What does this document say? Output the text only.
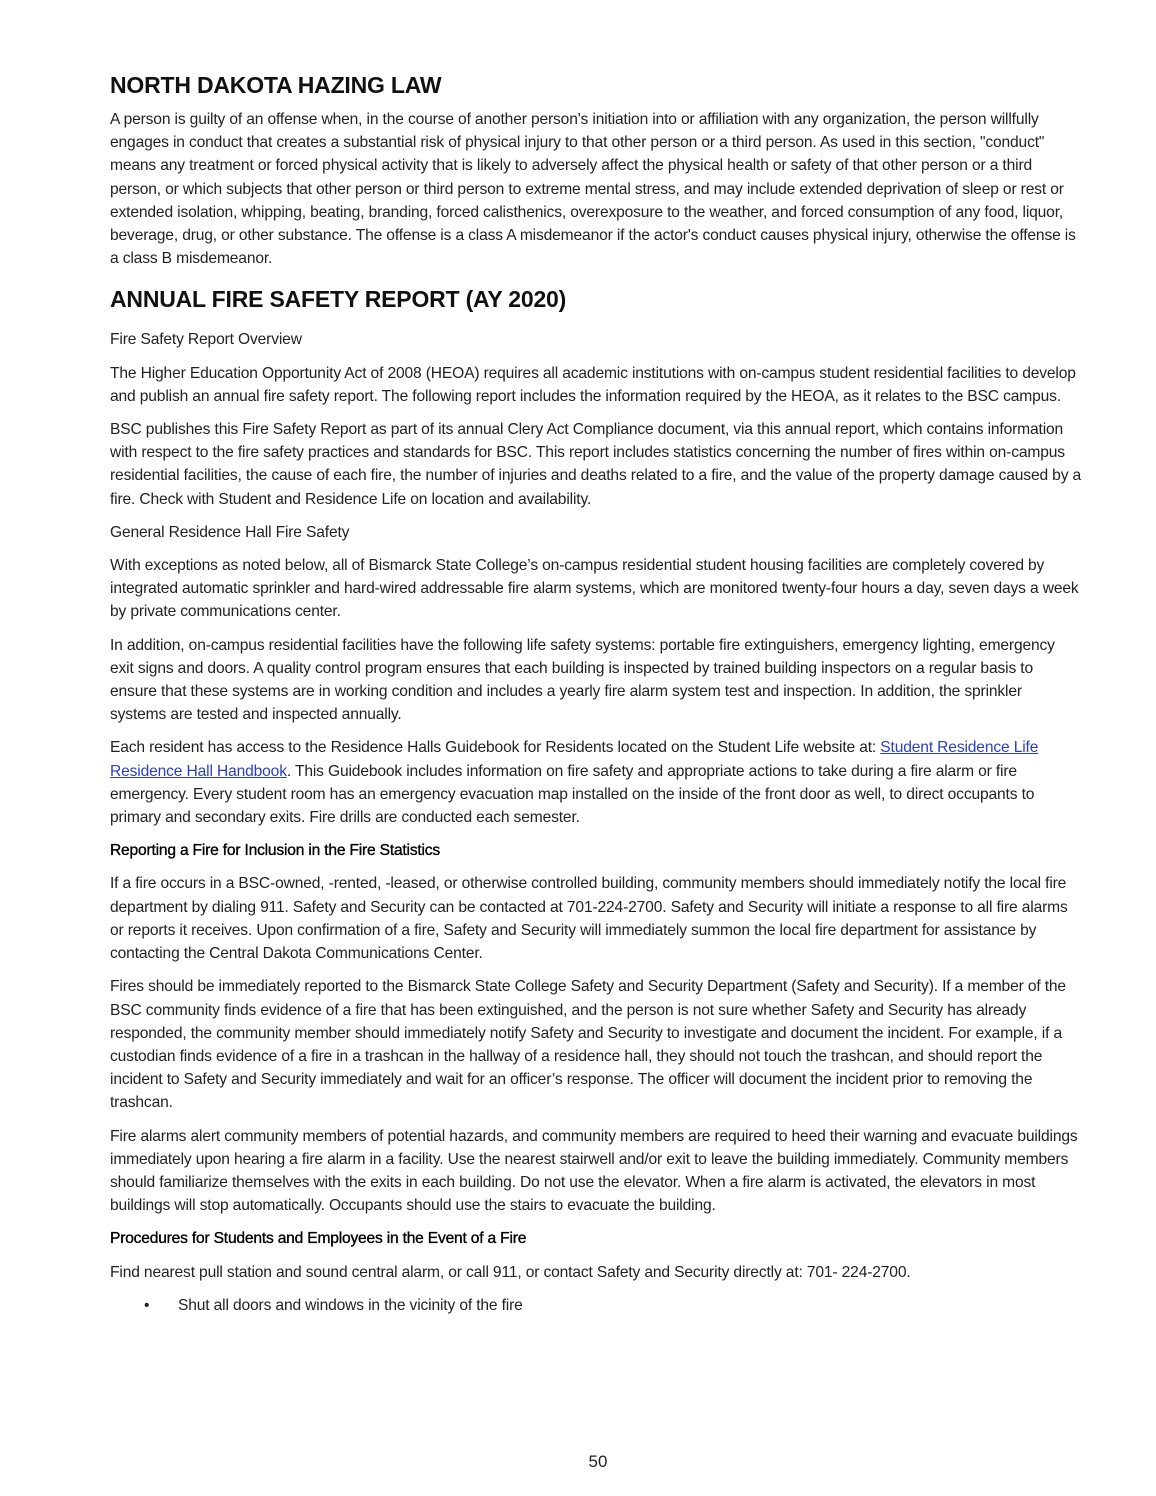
NORTH DAKOTA HAZING LAW

A person is guilty of an offense when, in the course of another person's initiation into or affiliation with any organization, the person willfully engages in conduct that creates a substantial risk of physical injury to that other person or a third person. As used in this section, "conduct" means any treatment or forced physical activity that is likely to adversely affect the physical health or safety of that other person or a third person, or which subjects that other person or third person to extreme mental stress, and may include extended deprivation of sleep or rest or extended isolation, whipping, beating, branding, forced calisthenics, overexposure to the weather, and forced consumption of any food, liquor, beverage, drug, or other substance. The offense is a class A misdemeanor if the actor's conduct causes physical injury, otherwise the offense is a class B misdemeanor.

ANNUAL FIRE SAFETY REPORT (AY 2020)

Fire Safety Report Overview

The Higher Education Opportunity Act of 2008 (HEOA) requires all academic institutions with on-campus student residential facilities to develop and publish an annual fire safety report. The following report includes the information required by the HEOA, as it relates to the BSC campus.

BSC publishes this Fire Safety Report as part of its annual Clery Act Compliance document, via this annual report, which contains information with respect to the fire safety practices and standards for BSC. This report includes statistics concerning the number of fires within on-campus residential facilities, the cause of each fire, the number of injuries and deaths related to a fire, and the value of the property damage caused by a fire. Check with Student and Residence Life on location and availability.

General Residence Hall Fire Safety

With exceptions as noted below, all of Bismarck State College’s on-campus residential student housing facilities are completely covered by integrated automatic sprinkler and hard-wired addressable fire alarm systems, which are monitored twenty-four hours a day, seven days a week by private communications center.

In addition, on-campus residential facilities have the following life safety systems: portable fire extinguishers, emergency lighting, emergency exit signs and doors. A quality control program ensures that each building is inspected by trained building inspectors on a regular basis to ensure that these systems are in working condition and includes a yearly fire alarm system test and inspection. In addition, the sprinkler systems are tested and inspected annually.

Each resident has access to the Residence Halls Guidebook for Residents located on the Student Life website at: Student Residence Life Residence Hall Handbook. This Guidebook includes information on fire safety and appropriate actions to take during a fire alarm or fire emergency. Every student room has an emergency evacuation map installed on the inside of the front door as well, to direct occupants to primary and secondary exits. Fire drills are conducted each semester.

Reporting a Fire for Inclusion in the Fire Statistics

If a fire occurs in a BSC-owned, -rented, -leased, or otherwise controlled building, community members should immediately notify the local fire department by dialing 911. Safety and Security can be contacted at 701-224-2700. Safety and Security will initiate a response to all fire alarms or reports it receives. Upon confirmation of a fire, Safety and Security will immediately summon the local fire department for assistance by contacting the Central Dakota Communications Center.

Fires should be immediately reported to the Bismarck State College Safety and Security Department (Safety and Security). If a member of the BSC community finds evidence of a fire that has been extinguished, and the person is not sure whether Safety and Security has already responded, the community member should immediately notify Safety and Security to investigate and document the incident. For example, if a custodian finds evidence of a fire in a trashcan in the hallway of a residence hall, they should not touch the trashcan, and should report the incident to Safety and Security immediately and wait for an officer’s response. The officer will document the incident prior to removing the trashcan.

Fire alarms alert community members of potential hazards, and community members are required to heed their warning and evacuate buildings immediately upon hearing a fire alarm in a facility. Use the nearest stairwell and/or exit to leave the building immediately. Community members should familiarize themselves with the exits in each building. Do not use the elevator. When a fire alarm is activated, the elevators in most buildings will stop automatically. Occupants should use the stairs to evacuate the building.

Procedures for Students and Employees in the Event of a Fire

Find nearest pull station and sound central alarm, or call 911, or contact Safety and Security directly at: 701- 224-2700.

• Shut all doors and windows in the vicinity of the fire
50
